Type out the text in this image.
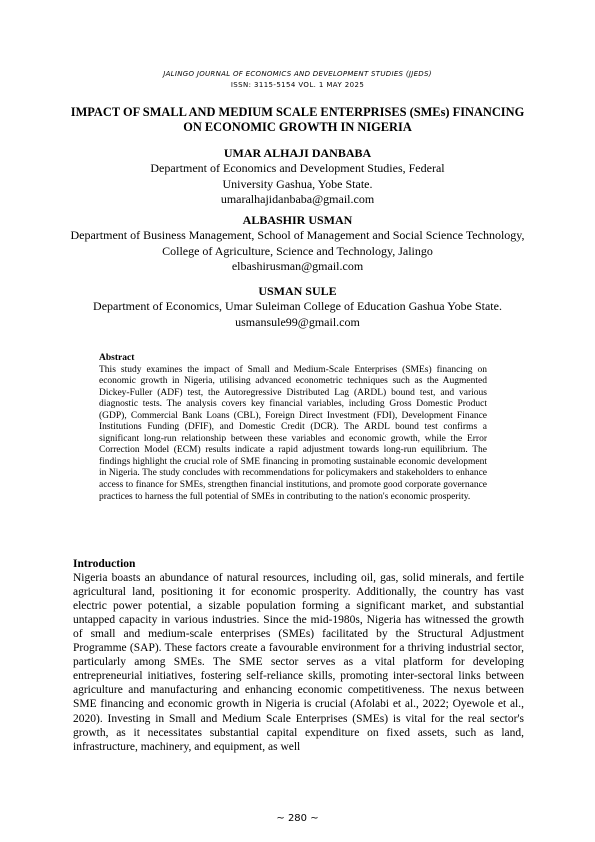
JALINGO JOURNAL OF ECONOMICS AND DEVELOPMENT STUDIES (JJEDS)
ISSN: 3115-5154 VOL. 1 MAY 2025
IMPACT OF SMALL AND MEDIUM SCALE ENTERPRISES (SMEs) FINANCING ON ECONOMIC GROWTH IN NIGERIA
UMAR ALHAJI DANBABA
Department of Economics and Development Studies, Federal University Gashua, Yobe State.
umaralhajidanbaba@gmail.com
ALBASHIR USMAN
Department of Business Management, School of Management and Social Science Technology, College of Agriculture, Science and Technology, Jalingo
elbashirusman@gmail.com
USMAN SULE
Department of Economics, Umar Suleiman College of Education Gashua Yobe State.
usmansule99@gmail.com
Abstract
This study examines the impact of Small and Medium-Scale Enterprises (SMEs) financing on economic growth in Nigeria, utilising advanced econometric techniques such as the Augmented Dickey-Fuller (ADF) test, the Autoregressive Distributed Lag (ARDL) bound test, and various diagnostic tests. The analysis covers key financial variables, including Gross Domestic Product (GDP), Commercial Bank Loans (CBL), Foreign Direct Investment (FDI), Development Finance Institutions Funding (DFIF), and Domestic Credit (DCR). The ARDL bound test confirms a significant long-run relationship between these variables and economic growth, while the Error Correction Model (ECM) results indicate a rapid adjustment towards long-run equilibrium. The findings highlight the crucial role of SME financing in promoting sustainable economic development in Nigeria. The study concludes with recommendations for policymakers and stakeholders to enhance access to finance for SMEs, strengthen financial institutions, and promote good corporate governance practices to harness the full potential of SMEs in contributing to the nation's economic prosperity.
Introduction
Nigeria boasts an abundance of natural resources, including oil, gas, solid minerals, and fertile agricultural land, positioning it for economic prosperity. Additionally, the country has vast electric power potential, a sizable population forming a significant market, and substantial untapped capacity in various industries. Since the mid-1980s, Nigeria has witnessed the growth of small and medium-scale enterprises (SMEs) facilitated by the Structural Adjustment Programme (SAP). These factors create a favourable environment for a thriving industrial sector, particularly among SMEs. The SME sector serves as a vital platform for developing entrepreneurial initiatives, fostering self-reliance skills, promoting inter-sectoral links between agriculture and manufacturing and enhancing economic competitiveness. The nexus between SME financing and economic growth in Nigeria is crucial (Afolabi et al., 2022; Oyewole et al., 2020). Investing in Small and Medium Scale Enterprises (SMEs) is vital for the real sector's growth, as it necessitates substantial capital expenditure on fixed assets, such as land, infrastructure, machinery, and equipment, as well
~ 280 ~
